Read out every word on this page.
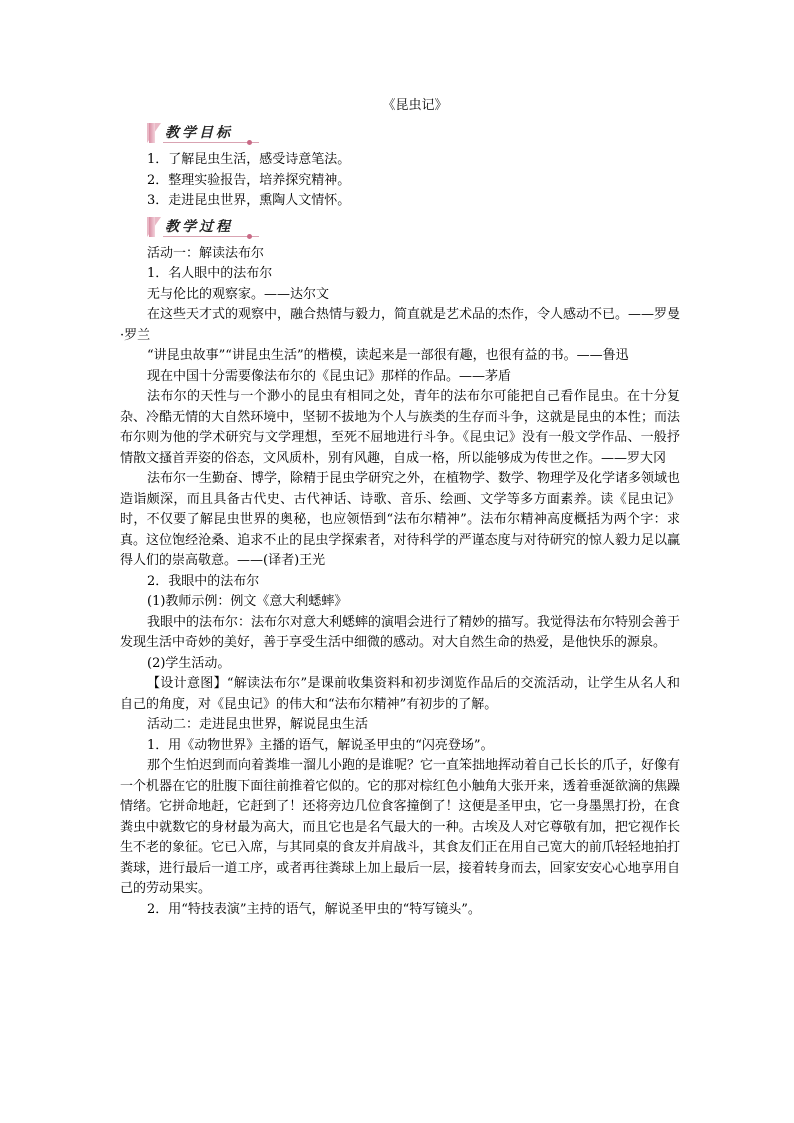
《昆虫记》
教学目标

1．了解昆虫生活，感受诗意笔法。

2．整理实验报告，培养探究精神。

3．走进昆虫世界，熏陶人文情怀。

教学过程

活动一：解读法布尔

1．名人眼中的法布尔

无与伦比的观察家。——达尔文

在这些天才式的观察中，融合热情与毅力，简直就是艺术品的杰作，令人感动不已。——罗曼·罗兰

“讲昆虫故事”“讲昆虫生活”的楷模，读起来是一部很有趣，也很有益的书。——鲁迅

现在中国十分需要像法布尔的《昆虫记》那样的作品。——茅盾

法布尔的天性与一个渺小的昆虫有相同之处，青年的法布尔可能把自己看作昆虫。在十分复杂、冷酷无情的大自然环境中，坚韧不拔地为个人与族类的生存而斗争，这就是昆虫的本性；而法布尔则为他的学术研究与文学理想，至死不屈地进行斗争。《昆虫记》没有一般文学作品、一般抒情散文搔首弄姿的俗态，文风质朴，别有风趣，自成一格，所以能够成为传世之作。——罗大冈

法布尔一生勤奋、博学，除精于昆虫学研究之外，在植物学、数学、物理学及化学诸多领域也造诣颇深，而且具备古代史、古代神话、诗歌、音乐、绘画、文学等多方面素养。读《昆虫记》时，不仅要了解昆虫世界的奥秘，也应领悟到“法布尔精神”。法布尔精神高度概括为两个字：求真。这位饱经沧桑、追求不止的昆虫学探索者，对待科学的严谨态度与对待研究的惊人毅力足以赢得人们的崇高敬意。——(译者)王光

2．我眼中的法布尔

(1)教师示例：例文《意大利蟋蟀》

我眼中的法布尔：法布尔对意大利蟋蟀的演唱会进行了精妙的描写。我觉得法布尔特别会善于发现生活中奇妙的美好，善于享受生活中细微的感动。对大自然生命的热爱，是他快乐的源泉。

(2)学生活动。

【设计意图】“解读法布尔”是课前收集资料和初步浏览作品后的交流活动，让学生从名人和自己的角度，对《昆虫记》的伟大和“法布尔精神”有初步的了解。

活动二：走进昆虫世界，解说昆虫生活

1．用《动物世界》主播的语气，解说圣甲虫的“闪亮登场”。

那个生怕迟到而向着粪堆一溜儿小跑的是谁呢？它一直笨拙地挥动着自己长长的爪子，好像有一个机器在它的肚腹下面往前推着它似的。它的那对棕红色小触角大张开来，透着垂涎欲滴的焦躁情绪。它拼命地赶，它赶到了！还将旁边几位食客撞倒了！这便是圣甲虫，它一身墨黑打扮，在食粪虫中就数它的身材最为高大，而且它也是名气最大的一种。古埃及人对它尊敬有加，把它视作长生不老的象征。它已入席，与其同桌的食友并肩战斗，其食友们正在用自己宽大的前爪轻轻地拍打粪球，进行最后一道工序，或者再往粪球上加上最后一层，接着转身而去，回家安安心心地享用自己的劳动果实。

2．用“特技表演”主持的语气，解说圣甲虫的“特写镜头”。
